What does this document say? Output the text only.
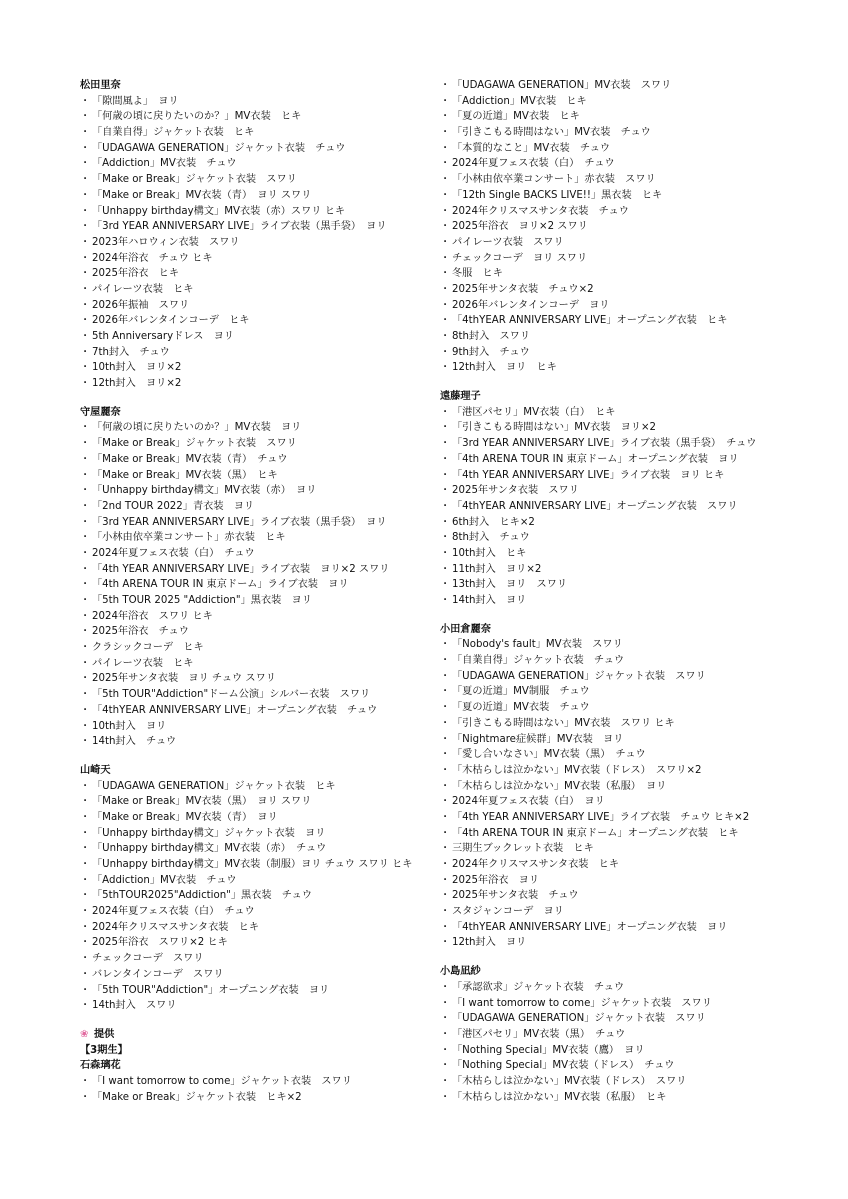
松田里奈
・ 「隙間風よ」　ヨリ
・ 「何歳の頃に戻りたいのか？」MV衣装　ヒキ
・ 「自業自得」ジャケット衣装　ヒキ
・ 「UDAGAWA GENERATION」ジャケット衣装　チュウ
・ 「Addiction」MV衣装　チュウ
・ 「Make or Break」ジャケット衣装　スワリ
・ 「Make or Break」MV衣装（青）　ヨリ スワリ
・ 「Unhappy birthday構文」MV衣装（赤）スワリ ヒキ
・ 「3rd YEAR ANNIVERSARY LIVE」ライブ衣装（黒手袋）　ヨリ
・ 2023年ハロウィン衣装　スワリ
・ 2024年浴衣　チュウ ヒキ
・ 2025年浴衣　ヒキ
・ パイレーツ衣装　ヒキ
・ 2026年振袖　スワリ
・ 2026年バレンタインコーデ　ヒキ
・ 5th Anniversaryドレス　ヨリ
・ 7th封入　チュウ
・ 10th封入　ヨリ×2
・ 12th封入　ヨリ×2
守屋麗奈
・ 「何歳の頃に戻りたいのか？」MV衣装　ヨリ
・ 「Make or Break」ジャケット衣装　スワリ
・ 「Make or Break」MV衣装（青）　チュウ
・ 「Make or Break」MV衣装（黒）　ヒキ
・ 「Unhappy birthday構文」MV衣装（赤）　ヨリ
・ 「2nd TOUR 2022」青衣装　ヨリ
・ 「3rd YEAR ANNIVERSARY LIVE」ライブ衣装（黒手袋）　ヨリ
・ 「小林由依卒業コンサート」赤衣装　ヒキ
・ 2024年夏フェス衣装（白）　チュウ
・ 「4th YEAR ANNIVERSARY LIVE」ライブ衣装　ヨリ×2 スワリ
・ 「4th ARENA TOUR IN 東京ドーム」ライブ衣装　ヨリ
・ 「5th TOUR 2025 "Addiction"」黒衣装　ヨリ
・ 2024年浴衣　スワリ ヒキ
・ 2025年浴衣　チュウ
・ クラシックコーデ　ヒキ
・ パイレーツ衣装　ヒキ
・ 2025年サンタ衣装　ヨリ チュウ スワリ
・ 「5th TOUR"Addiction"ドーム公演」シルバー衣装　スワリ
・ 「4thYEAR ANNIVERSARY LIVE」オープニング衣装　チュウ
・ 10th封入　ヨリ
・ 14th封入　チュウ
山崎天
・ 「UDAGAWA GENERATION」ジャケット衣装　ヒキ
・ 「Make or Break」MV衣装（黒）　ヨリ スワリ
・ 「Make or Break」MV衣装（青）　ヨリ
・ 「Unhappy birthday構文」ジャケット衣装　ヨリ
・ 「Unhappy birthday構文」MV衣装（赤）　チュウ
・ 「Unhappy birthday構文」MV衣装（制服）ヨリ チュウ スワリ ヒキ
・ 「Addiction」MV衣装　チュウ
・ 「5thTOUR2025"Addiction"」黒衣装　チュウ
・ 2024年夏フェス衣装（白）　チュウ
・ 2024年クリスマスサンタ衣装　ヒキ
・ 2025年浴衣　スワリ×2 ヒキ
・ チェックコーデ　スワリ
・ バレンタインコーデ　スワリ
・ 「5th TOUR"Addiction"」オープニング衣装　ヨリ
・ 14th封入　スワリ
❀ 提供
【3期生】
石森璃花
・ 「I want tomorrow to come」ジャケット衣装　スワリ
・ 「Make or Break」ジャケット衣装　ヒキ×2
・ 「UDAGAWA GENERATION」MV衣装　スワリ
・ 「Addiction」MV衣装　ヒキ
・ 「夏の近道」MV衣装　ヒキ
・ 「引きこもる時間はない」MV衣装　チュウ
・ 「本質的なこと」MV衣装　チュウ
・ 2024年夏フェス衣装（白）　チュウ
・ 「小林由依卒業コンサート」赤衣装　スワリ
・ 「12th Single BACKS LIVE!!」黒衣装　ヒキ
・ 2024年クリスマスサンタ衣装　チュウ
・ 2025年浴衣　ヨリ×2 スワリ
・ パイレーツ衣装　スワリ
・ チェックコーデ　ヨリ スワリ
・ 冬服　ヒキ
・ 2025年サンタ衣装　チュウ×2
・ 2026年バレンタインコーデ　ヨリ
・ 「4thYEAR ANNIVERSARY LIVE」オープニング衣装　ヒキ
・ 8th封入　スワリ
・ 9th封入　チュウ
・ 12th封入　ヨリ　ヒキ
遠藤理子
・ 「港区パセリ」MV衣装（白）　ヒキ
・ 「引きこもる時間はない」MV衣装　ヨリ×2
・ 「3rd YEAR ANNIVERSARY LIVE」ライブ衣装（黒手袋）　チュウ
・ 「4th ARENA TOUR IN 東京ドーム」オープニング衣装　ヨリ
・ 「4th YEAR ANNIVERSARY LIVE」ライブ衣装　ヨリ ヒキ
・ 2025年サンタ衣装　スワリ
・ 「4thYEAR ANNIVERSARY LIVE」オープニング衣装　スワリ
・ 6th封入　ヒキ×2
・ 8th封入　チュウ
・ 10th封入　ヒキ
・ 11th封入　ヨリ×2
・ 13th封入　ヨリ　スワリ
・ 14th封入　ヨリ
小田倉麗奈
・ 「Nobody's fault」MV衣装　スワリ
・ 「自業自得」ジャケット衣装　チュウ
・ 「UDAGAWA GENERATION」ジャケット衣装　スワリ
・ 「夏の近道」MV制服　チュウ
・ 「夏の近道」MV衣装　チュウ
・ 「引きこもる時間はない」MV衣装　スワリ ヒキ
・ 「Nightmare症候群」MV衣装　ヨリ
・ 「愛し合いなさい」MV衣装（黒）　チュウ
・ 「木枯らしは泣かない」MV衣装（ドレス）　スワリ×2
・ 「木枯らしは泣かない」MV衣装（私服）　ヨリ
・ 2024年夏フェス衣装（白）　ヨリ
・ 「4th YEAR ANNIVERSARY LIVE」ライブ衣装　チュウ ヒキ×2
・ 「4th ARENA TOUR IN 東京ドーム」オープニング衣装　ヒキ
・ 三期生ブックレット衣装　ヒキ
・ 2024年クリスマスサンタ衣装　ヒキ
・ 2025年浴衣　ヨリ
・ 2025年サンタ衣装　チュウ
・ スタジャンコーデ　ヨリ
・ 「4thYEAR ANNIVERSARY LIVE」オープニング衣装　ヨリ
・ 12th封入　ヨリ
小島凪紗
・ 「承認欲求」ジャケット衣装　チュウ
・ 「I want tomorrow to come」ジャケット衣装　スワリ
・ 「UDAGAWA GENERATION」ジャケット衣装　スワリ
・ 「港区パセリ」MV衣装（黒）　チュウ
・ 「Nothing Special」MV衣装（鷹）　ヨリ
・ 「Nothing Special」MV衣装（ドレス）　チュウ
・ 「木枯らしは泣かない」MV衣装（ドレス）　スワリ
・ 「木枯らしは泣かない」MV衣装（私服）　ヒキ
